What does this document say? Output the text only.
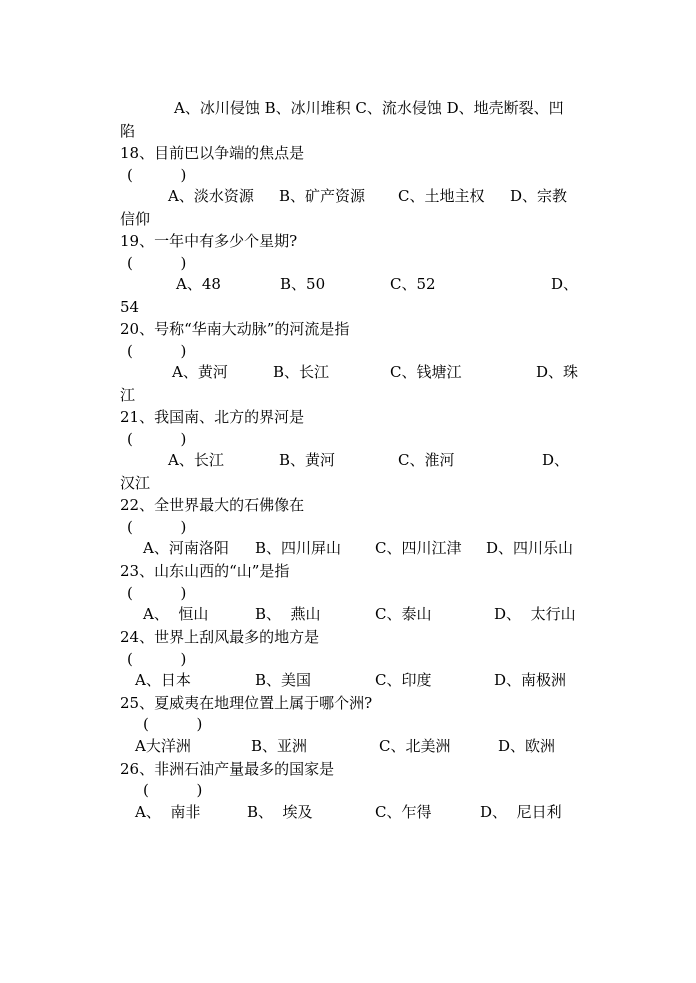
A、冰川侵蚀 B、冰川堆积 C、流水侵蚀 D、地壳断裂、凹
陷
18、目前巴以争端的焦点是
(          )
A、淡水资源 B、矿产资源 C、土地主权 D、宗教
信仰
19、一年中有多少个星期?
(          )
A、48	B、50	C、52	D、
54
20、号称“华南大动脉”的河流是指
(          )
A、黄河	B、长江	C、钱塘江	D、珠
江
21、我国南、北方的界河是
(          )
A、长江	B、黄河	C、淮河	D、
汉江
22、全世界最大的石佛像在
(          )
A、河南洛阳 B、四川屏山 C、四川江津 D、四川乐山
23、山东山西的“山”是指
(          )
A、  恒山	B、  燕山	C、泰山	D、  太行山
24、世界上刮风最多的地方是
(          )
A、日本	B、美国	C、印度	D、南极洲
25、夏威夷在地理位置上属于哪个洲?
(          )
A大洋洲	B、亚洲	C、北美洲	D、欧洲
26、非洲石油产量最多的国家是
(          )
A、  南非	B、  埃及	C、乍得	D、  尼日利
